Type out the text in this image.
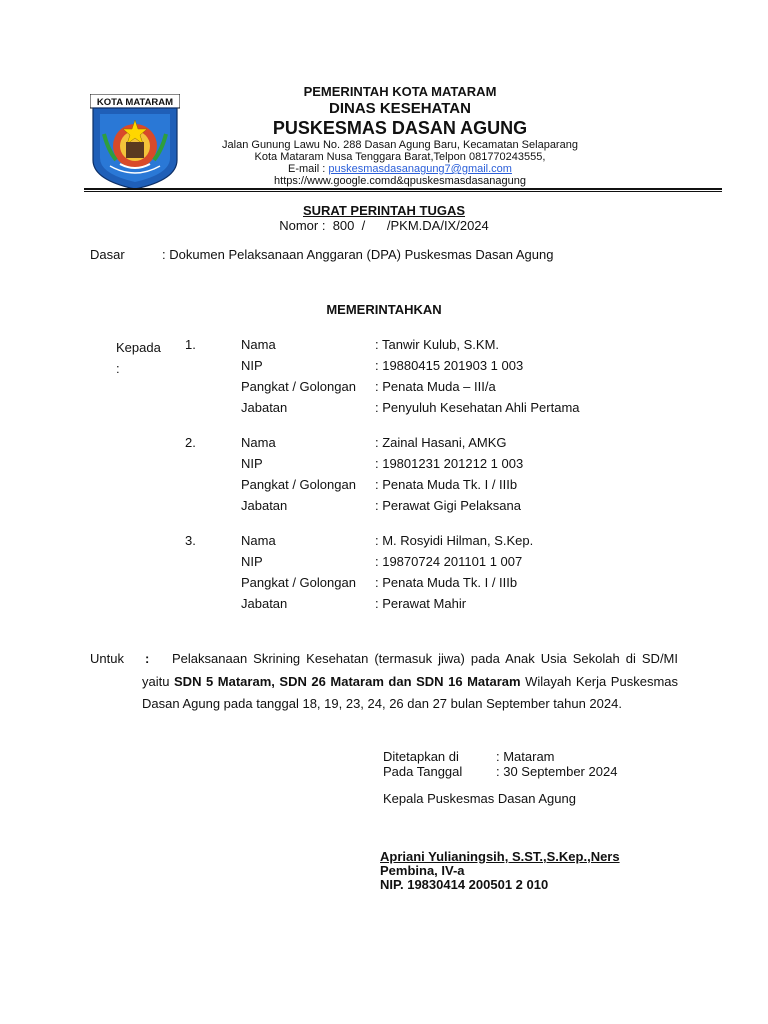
KOTA MATARAM
PEMERINTAH KOTA MATARAM
DINAS KESEHATAN
PUSKESMAS DASAN AGUNG
Jalan Gunung Lawu No. 288 Dasan Agung Baru, Kecamatan Selaparang
Kota Mataram Nusa Tenggara Barat,Telpon 081770243555,
E-mail : puskesmasdasanagung7@gmail.com
https://www.google.comd&qpuskesmasdasanagung
SURAT PERINTAH TUGAS
Nomor :  800  /      /PKM.DA/IX/2024
Dasar	: Dokumen Pelaksanaan Anggaran (DPA) Puskesmas Dasan Agung
MEMERINTAHKAN
Kepada
:
1.	Nama	: Tanwir Kulub, S.KM.
NIP	: 19880415 201903 1 003
Pangkat / Golongan : Penata Muda – III/a
Jabatan	: Penyuluh Kesehatan Ahli Pertama
2.	Nama	: Zainal Hasani, AMKG
NIP	: 19801231 201212 1 003
Pangkat / Golongan : Penata Muda Tk. I / IIIb
Jabatan	: Perawat Gigi Pelaksana
3.	Nama	: M. Rosyidi Hilman, S.Kep.
NIP	: 19870724 201101 1 007
Pangkat / Golongan : Penata Muda Tk. I / IIIb
Jabatan	: Perawat Mahir
Untuk :	Pelaksanaan Skrining Kesehatan (termasuk jiwa) pada Anak Usia Sekolah di SD/MI yaitu SDN 5 Mataram, SDN 26 Mataram dan SDN 16 Mataram Wilayah Kerja Puskesmas Dasan Agung pada tanggal 18, 19, 23, 24, 26 dan 27 bulan September tahun 2024.
Ditetapkan di	: Mataram
Pada Tanggal	: 30 September 2024
Kepala Puskesmas Dasan Agung
Apriani Yulianingsih, S.ST.,S.Kep.,Ners
Pembina, IV-a
NIP. 19830414 200501 2 010
